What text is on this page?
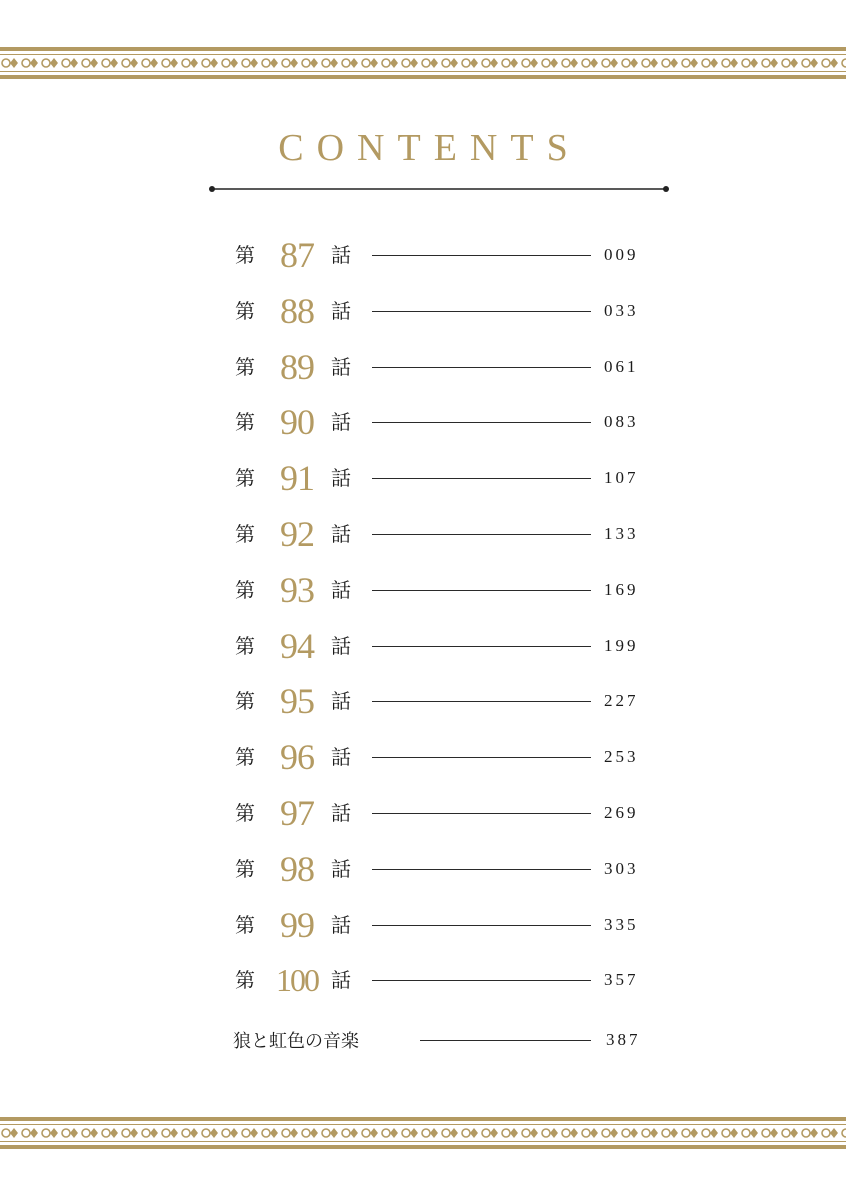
CONTENTS
第 87 話	009
第 88 話	033
第 89 話	061
第 90 話	083
第 91 話	107
第 92 話	133
第 93 話	169
第 94 話	199
第 95 話	227
第 96 話	253
第 97 話	269
第 98 話	303
第 99 話	335
第 100 話	357
狼と虹色の音楽	387
